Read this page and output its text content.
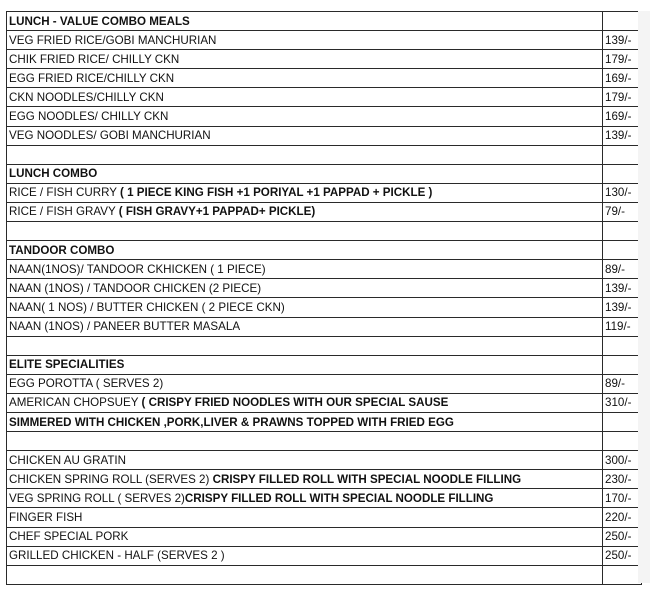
LUNCH - VALUE COMBO MEALS	
VEG FRIED RICE/GOBI MANCHURIAN	139/-
CHIK FRIED RICE/ CHILLY CKN	179/-
EGG FRIED RICE/CHILLY CKN	169/-
CKN NOODLES/CHILLY CKN	179/-
EGG NOODLES/ CHILLY CKN	169/-
VEG NOODLES/ GOBI MANCHURIAN	139/-

LUNCH COMBO	
RICE / FISH CURRY ( 1 PIECE KING FISH +1 PORIYAL +1 PAPPAD + PICKLE )	130/-
RICE / FISH GRAVY ( FISH GRAVY+1 PAPPAD+ PICKLE)	79/-

TANDOOR COMBO	
NAAN(1NOS)/ TANDOOR CKHICKEN ( 1 PIECE)	89/-
NAAN (1NOS) / TANDOOR CHICKEN (2 PIECE)	139/-
NAAN( 1 NOS) / BUTTER CHICKEN ( 2 PIECE CKN)	139/-
NAAN (1NOS) / PANEER BUTTER MASALA	119/-

ELITE SPECIALITIES	
EGG POROTTA ( SERVES 2)	89/-
AMERICAN CHOPSUEY ( CRISPY FRIED NOODLES WITH OUR SPECIAL SAUSE	310/-
SIMMERED WITH CHICKEN ,PORK,LIVER & PRAWNS TOPPED WITH FRIED EGG	

CHICKEN AU GRATIN	300/-
CHICKEN SPRING ROLL (SERVES 2) CRISPY FILLED ROLL WITH SPECIAL NOODLE FILLING	230/-
VEG SPRING ROLL ( SERVES 2)CRISPY FILLED ROLL WITH SPECIAL NOODLE FILLING	170/-
FINGER FISH	220/-
CHEF SPECIAL PORK	250/-
GRILLED CHICKEN - HALF (SERVES 2 )	250/-
